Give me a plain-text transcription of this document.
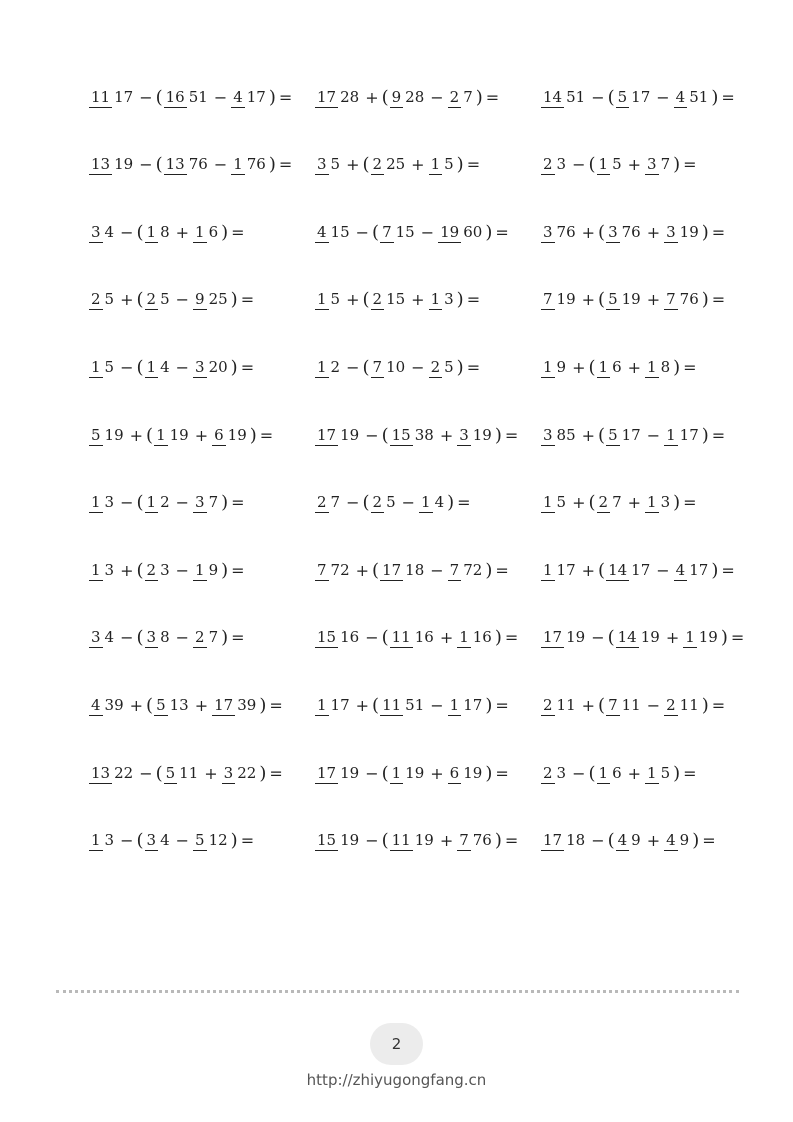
11 17 − ( 16 51 − 4 17 ) = 17 28 + ( 9 28 − 2 7 ) =	14 51 − ( 5 17 − 4 51 ) =
13 19 − ( 13 76 − 1 76 ) = 3 5 + ( 2 25 + 1 5 ) =	2 3 − ( 1 5 + 3 7 ) =
3 4 − ( 1 8 + 1 6 ) =	4 15 − ( 7 15 − 19 60 ) = 3 76 + ( 3 76 + 3 19 ) =
2 5 + ( 2 5 − 9 25 ) =	1 5 + ( 2 15 + 1 3 ) =	7 19 + ( 5 19 + 7 76 ) =
1 5 − ( 1 4 − 3 20 ) =	1 2 − ( 7 10 − 2 5 ) =	1 9 + ( 1 6 + 1 8 ) =
5 19 + ( 1 19 + 6 19 ) =	17 19 − ( 15 38 + 3 19 ) = 3 85 + ( 5 17 − 1 17 ) =
1 3 − ( 1 2 − 3 7 ) =	2 7 − ( 2 5 − 1 4 ) =	1 5 + ( 2 7 + 1 3 ) =
1 3 + ( 2 3 − 1 9 ) =	7 72 + ( 17 18 − 7 72 ) = 1 17 + ( 14 17 − 4 17 ) =
3 4 − ( 3 8 − 2 7 ) =	15 16 − ( 11 16 + 1 16 ) = 17 19 − ( 14 19 + 1 19 ) =
4 39 + ( 5 13 + 17 39 ) = 1 17 + ( 11 51 − 1 17 ) = 2 11 + ( 7 11 − 2 11 ) =
13 22 − ( 5 11 + 3 22 ) = 17 19 − ( 1 19 + 6 19 ) = 2 3 − ( 1 6 + 1 5 ) =
1 3 − ( 3 4 − 5 12 ) =	15 19 − ( 11 19 + 7 76 ) = 17 18 − ( 4 9 + 4 9 ) =
2
http://zhiyugongfang.cn
